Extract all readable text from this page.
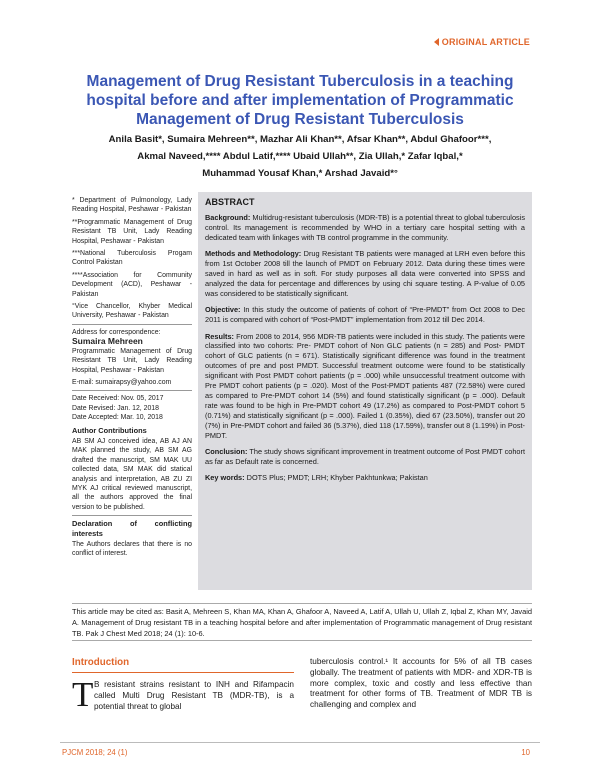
ORIGINAL ARTICLE
Management of Drug Resistant Tuberculosis in a teaching hospital before and after implementation of Programmatic Management of Drug Resistant Tuberculosis
Anila Basit*, Sumaira Mehreen**, Mazhar Ali Khan**, Afsar Khan**, Abdul Ghafoor***,
Akmal Naveed,**** Abdul Latif,**** Ubaid Ullah**, Zia Ullah,* Zafar Iqbal,*
Muhammad Yousaf Khan,* Arshad Javaid*°

* Department of Pulmonology, Lady Reading Hospital, Peshawar - Pakistan

**Programmatic Management of Drug Resistant TB Unit, Lady Reading Hospital, Peshawar - Pakistan

***National Tuberculosis Progam Control Pakistan

****Association for Community Development (ACD), Peshawar - Pakistan

°Vice Chancellor, Khyber Medical University, Peshawar - Pakistan

Address for correspondence:

Sumaira Mehreen

Programmatic Management of Drug Resistant TB Unit, Lady Reading Hospital, Peshawar - Pakistan

E-mail: sumairapsy@yahoo.com

Date Received: Nov. 05, 2017

Date Revised: Jan. 12, 2018

Date Accepted: Mar. 10, 2018

Author Contributions

AB SM AJ conceived idea, AB AJ AN MAK planned the study, AB SM AG drafted the manuscript, SM MAK UU collected data, SM MAK did statical analysis and interpretation, AB ZU ZI MYK AJ critical reviewed manuscript, all the authors approved the final version to be published.

Declaration of conflicting interests

The Authors declares that there is no conflict of interest.

ABSTRACT

Background: Multidrug-resistant tuberculosis (MDR-TB) is a potential threat to global tuberculosis control. Its management is recommended by WHO in a tertiary care hospital setting with a dedicated team with linkages with TB control programme in the community.

Methods and Methodology: Drug Resistant TB patients were managed at LRH even before this from 1st October 2008 till the launch of PMDT on February 2012. Data during these times were saved in hard as well as in soft. For study purposes all data were converted into SPSS and analyzed the data for percentage and differences by using chi square testing. A P-value of 0.05 was considered to be statistically significant.

Objective: In this study the outcome of patients of cohort of “Pre-PMDT” from Oct 2008 to Dec 2011 is compared with cohort of “Post-PMDT” implementation from 2012 till Dec 2014.

Results: From 2008 to 2014, 956 MDR-TB patients were included in this study. The patients were classified into two cohorts: Pre- PMDT cohort of Non GLC patients (n = 285) and Post- PMDT cohort of GLC patients (n = 671). Statistically significant difference was found in the treatment outcomes of pre and post PMDT. Successful treatment outcome were found to be statistically significant with Post PMDT cohort patients (p = .000) while unsuccessful treatment outcome with Pre PMDT cohort patients (p = .020). Most of the Post-PMDT patients 487 (72.58%) were cured as compared to Pre-PMDT cohort 14 (5%) and found statistically significant (p = .000). Default rate was found to be high in Pre-PMDT cohort 49 (17.2%) as compared to Post-PMDT cohort 5 (0.71%) and statistically significant (p = .000). Failed 1 (0.35%), died 67 (23.50%), transfer out 20 (7%) in Pre-PMDT cohort and failed 36 (5.37%), died 118 (17.59%), transfer out 8 (1.19%) in Post-PMDT.

Conclusion: The study shows significant improvement in treatment outcome of Post PMDT cohort as far as Default rate is concerned.

Key words: DOTS Plus; PMDT; LRH; Khyber Pakhtunkwa; Pakistan

This article may be cited as: Basit A, Mehreen S, Khan MA, Khan A, Ghafoor A, Naveed A, Latif A, Ullah U, Ullah Z, Iqbal Z, Khan MY, Javaid A. Management of Drug resistant TB in a teaching hospital before and after implementation of Programmatic management of Drug resistant TB. Pak J Chest Med 2018; 24 (1): 10-6.
Introduction
T B resistant strains resistant to INH and Rifampacin called Multi Drug Resistant TB (MDR-TB), is a potential threat to global
tuberculosis control.¹ It accounts for 5% of all TB cases globally. The treatment of patients with MDR- and XDR-TB is more complex, toxic and costly and less effective than treatment for other forms of TB. Treatment of MDR TB is challenging and complex and
PJCM 2018; 24 (1)	10
